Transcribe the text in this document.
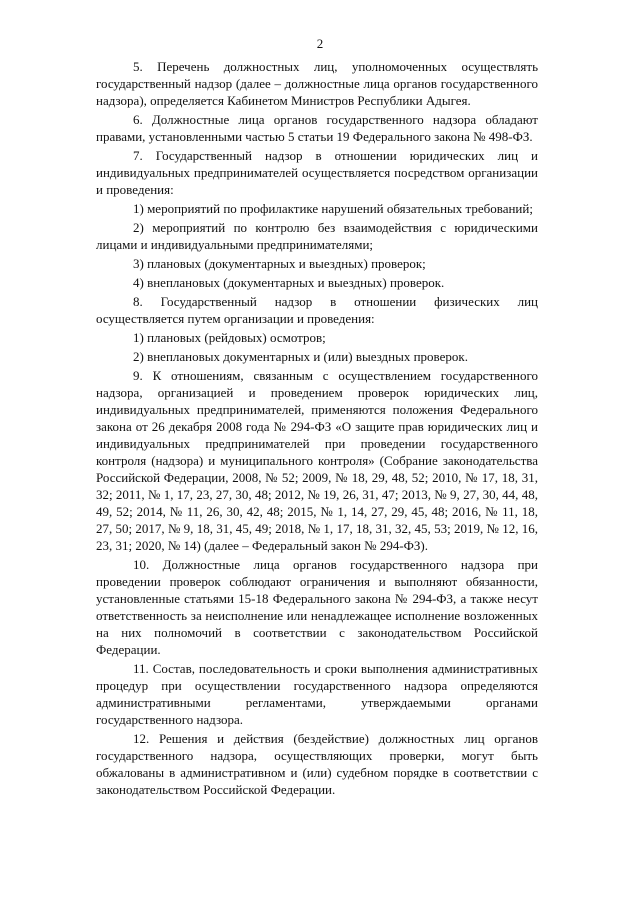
2

5. Перечень должностных лиц, уполномоченных осуществлять государственный надзор (далее – должностные лица органов государственного надзора), определяется Кабинетом Министров Республики Адыгея.

6. Должностные лица органов государственного надзора обладают правами, установленными частью 5 статьи 19 Федерального закона № 498-ФЗ.

7. Государственный надзор в отношении юридических лиц и индивидуальных предпринимателей осуществляется посредством организации и проведения:

1) мероприятий по профилактике нарушений обязательных требований;

2) мероприятий по контролю без взаимодействия с юридическими лицами и индивидуальными предпринимателями;

3) плановых (документарных и выездных) проверок;

4) внеплановых (документарных и выездных) проверок.

8. Государственный надзор в отношении физических лиц осуществляется путем организации и проведения:

1) плановых (рейдовых) осмотров;

2) внеплановых документарных и (или) выездных проверок.

9. К отношениям, связанным с осуществлением государственного надзора, организацией и проведением проверок юридических лиц, индивидуальных предпринимателей, применяются положения Федерального закона от 26 декабря 2008 года № 294-ФЗ «О защите прав юридических лиц и индивидуальных предпринимателей при проведении государственного контроля (надзора) и муниципального контроля» (Собрание законодательства Российской Федерации, 2008, № 52; 2009, № 18, 29, 48, 52; 2010, № 17, 18, 31, 32; 2011, № 1, 17, 23, 27, 30, 48; 2012, № 19, 26, 31, 47; 2013, № 9, 27, 30, 44, 48, 49, 52; 2014, № 11, 26, 30, 42, 48; 2015, № 1, 14, 27, 29, 45, 48; 2016, № 11, 18, 27, 50; 2017, № 9, 18, 31, 45, 49; 2018, № 1, 17, 18, 31, 32, 45, 53; 2019, № 12, 16, 23, 31; 2020, № 14) (далее – Федеральный закон № 294-ФЗ).

10. Должностные лица органов государственного надзора при проведении проверок соблюдают ограничения и выполняют обязанности, установленные статьями 15-18 Федерального закона № 294-ФЗ, а также несут ответственность за неисполнение или ненадлежащее исполнение возложенных на них полномочий в соответствии с законодательством Российской Федерации.

11. Состав, последовательность и сроки выполнения административных процедур при осуществлении государственного надзора определяются административными регламентами, утверждаемыми органами государственного надзора.

12. Решения и действия (бездействие) должностных лиц органов государственного надзора, осуществляющих проверки, могут быть обжалованы в административном и (или) судебном порядке в соответствии с законодательством Российской Федерации.
